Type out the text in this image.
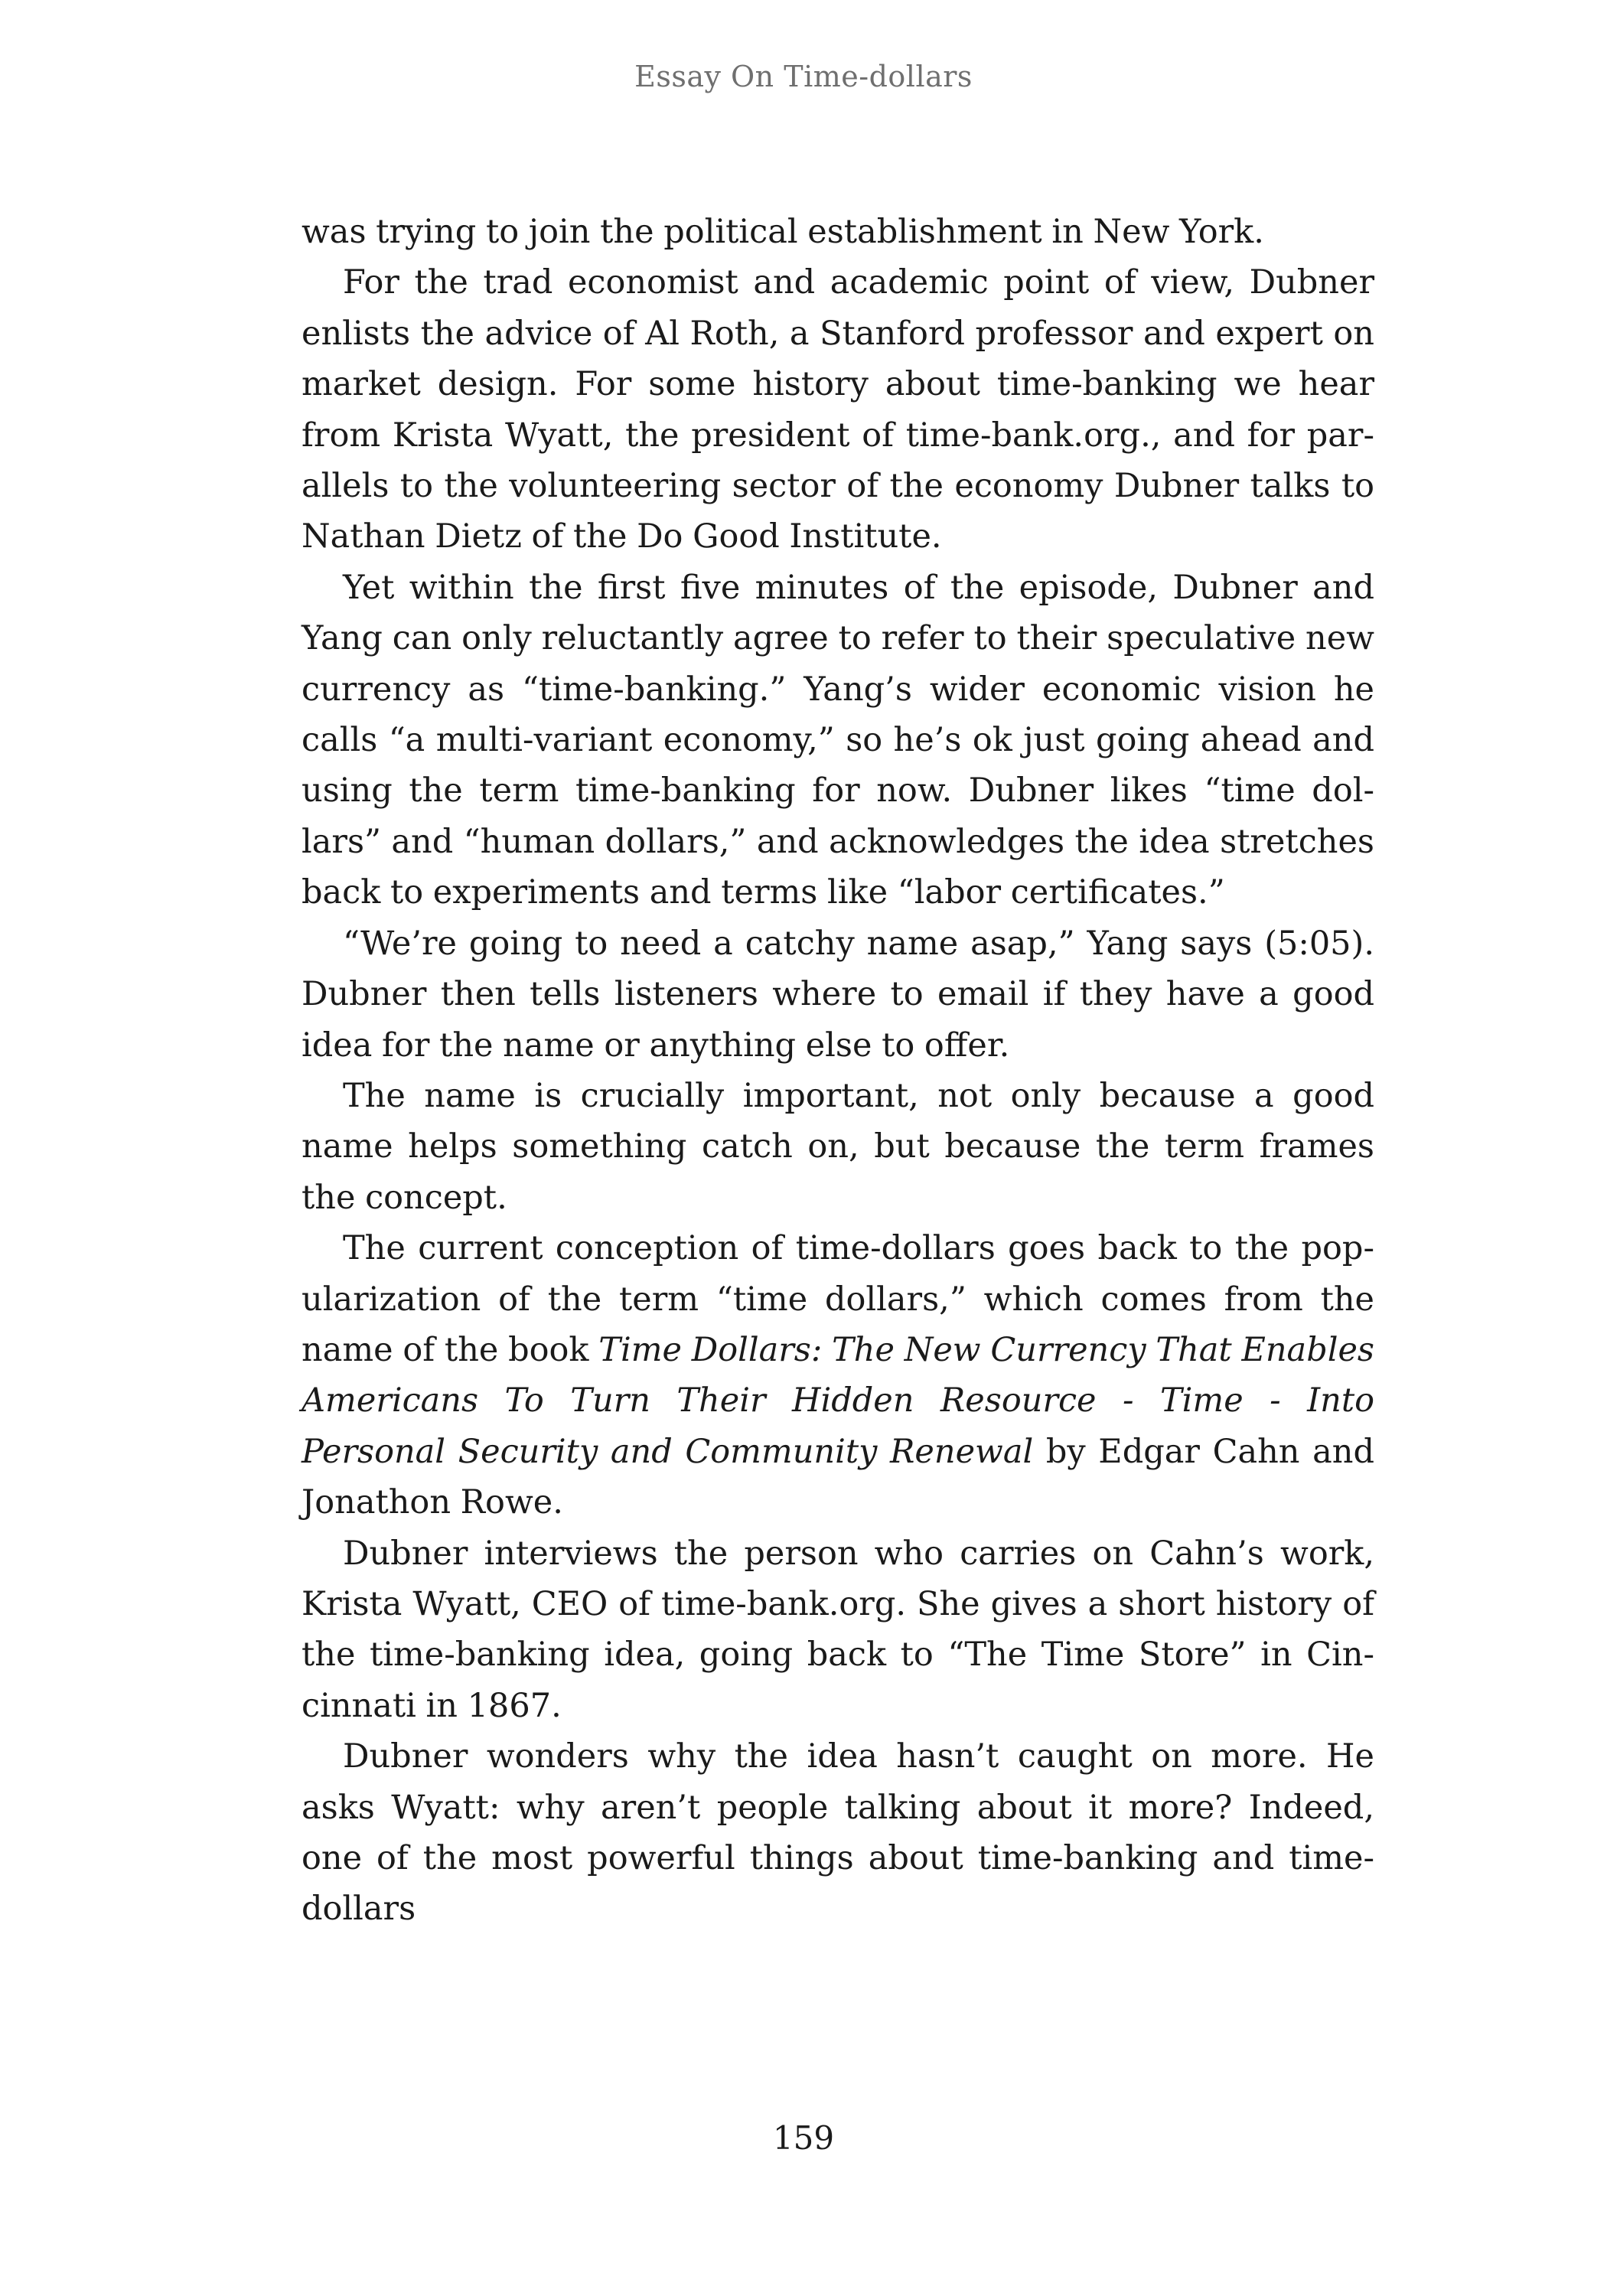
Essay On Time-dollars

was trying to join the political establishment in New York.

For the trad economist and academic point of view, Dubner enlists the advice of Al Roth, a Stanford professor and expert on market design. For some history about time-banking we hear from Krista Wyatt, the president of time-bank.org., and for parallels to the volunteering sector of the economy Dubner talks to Nathan Dietz of the Do Good Institute.

Yet within the first five minutes of the episode, Dubner and Yang can only reluctantly agree to refer to their speculative new currency as “time-banking.” Yang’s wider economic vision he calls “a multi-variant economy,” so he’s ok just going ahead and using the term time-banking for now. Dubner likes “time dollars” and “human dollars,” and acknowledges the idea stretches back to experiments and terms like “labor certificates.”

“We’re going to need a catchy name asap,” Yang says (5:05). Dubner then tells listeners where to email if they have a good idea for the name or anything else to offer.

The name is crucially important, not only because a good name helps something catch on, but because the term frames the concept.

The current conception of time-dollars goes back to the popularization of the term “time dollars,” which comes from the name of the book Time Dollars: The New Currency That Enables Americans To Turn Their Hidden Resource - Time - Into Personal Security and Community Renewal by Edgar Cahn and Jonathon Rowe.

Dubner interviews the person who carries on Cahn’s work, Krista Wyatt, CEO of time-bank.org. She gives a short history of the time-banking idea, going back to “The Time Store” in Cincinnati in 1867.

Dubner wonders why the idea hasn’t caught on more. He asks Wyatt: why aren’t people talking about it more? Indeed, one of the most powerful things about time-banking and time-dollars

159
